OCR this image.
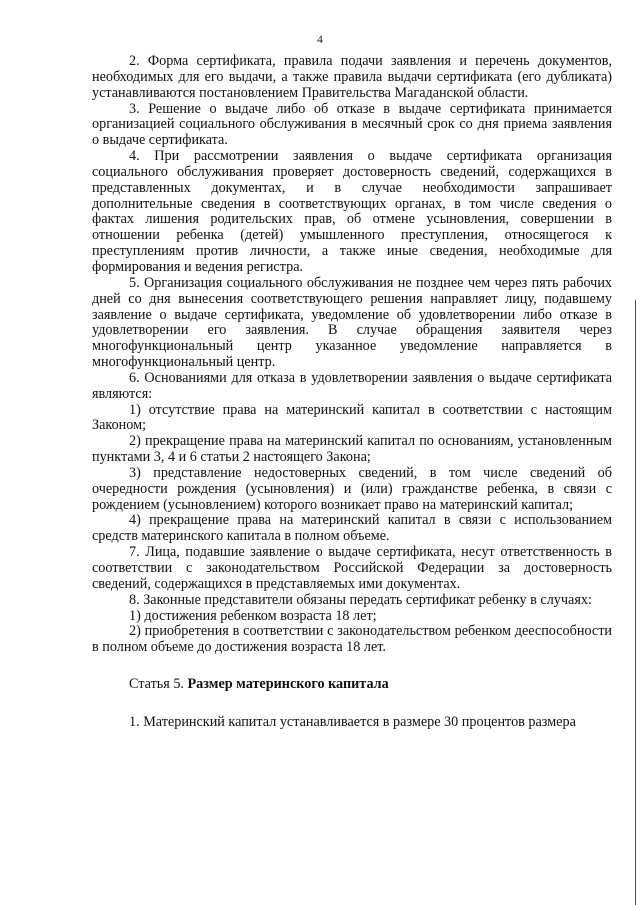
4

2. Форма сертификата, правила подачи заявления и перечень документов, необходимых для его выдачи, а также правила выдачи сертификата (его дубликата) устанавливаются постановлением Правительства Магаданской области.

3. Решение о выдаче либо об отказе в выдаче сертификата принимается организацией социального обслуживания в месячный срок со дня приема заявления о выдаче сертификата.

4. При рассмотрении заявления о выдаче сертификата организация социального обслуживания проверяет достоверность сведений, содержащихся в представленных документах, и в случае необходимости запрашивает дополнительные сведения в соответствующих органах, в том числе сведения о фактах лишения родительских прав, об отмене усыновления, совершении в отношении ребенка (детей) умышленного преступления, относящегося к преступлениям против личности, а также иные сведения, необходимые для формирования и ведения регистра.

5. Организация социального обслуживания не позднее чем через пять рабочих дней со дня вынесения соответствующего решения направляет лицу, подавшему заявление о выдаче сертификата, уведомление об удовлетворении либо отказе в удовлетворении его заявления. В случае обращения заявителя через многофункциональный центр указанное уведомление направляется в многофункциональный центр.

6. Основаниями для отказа в удовлетворении заявления о выдаче сертификата являются:

1) отсутствие права на материнский капитал в соответствии с настоящим Законом;

2) прекращение права на материнский капитал по основаниям, установленным пунктами 3, 4 и 6 статьи 2 настоящего Закона;

3) представление недостоверных сведений, в том числе сведений об очередности рождения (усыновления) и (или) гражданстве ребенка, в связи с рождением (усыновлением) которого возникает право на материнский капитал;

4) прекращение права на материнский капитал в связи с использованием средств материнского капитала в полном объеме.

7. Лица, подавшие заявление о выдаче сертификата, несут ответственность в соответствии с законодательством Российской Федерации за достоверность сведений, содержащихся в представляемых ими документах.

8. Законные представители обязаны передать сертификат ребенку в случаях:

1) достижения ребенком возраста 18 лет;

2) приобретения в соответствии с законодательством ребенком дееспособности в полном объеме до достижения возраста 18 лет.

Статья 5. Размер материнского капитала

1. Материнский капитал устанавливается в размере 30 процентов размера
